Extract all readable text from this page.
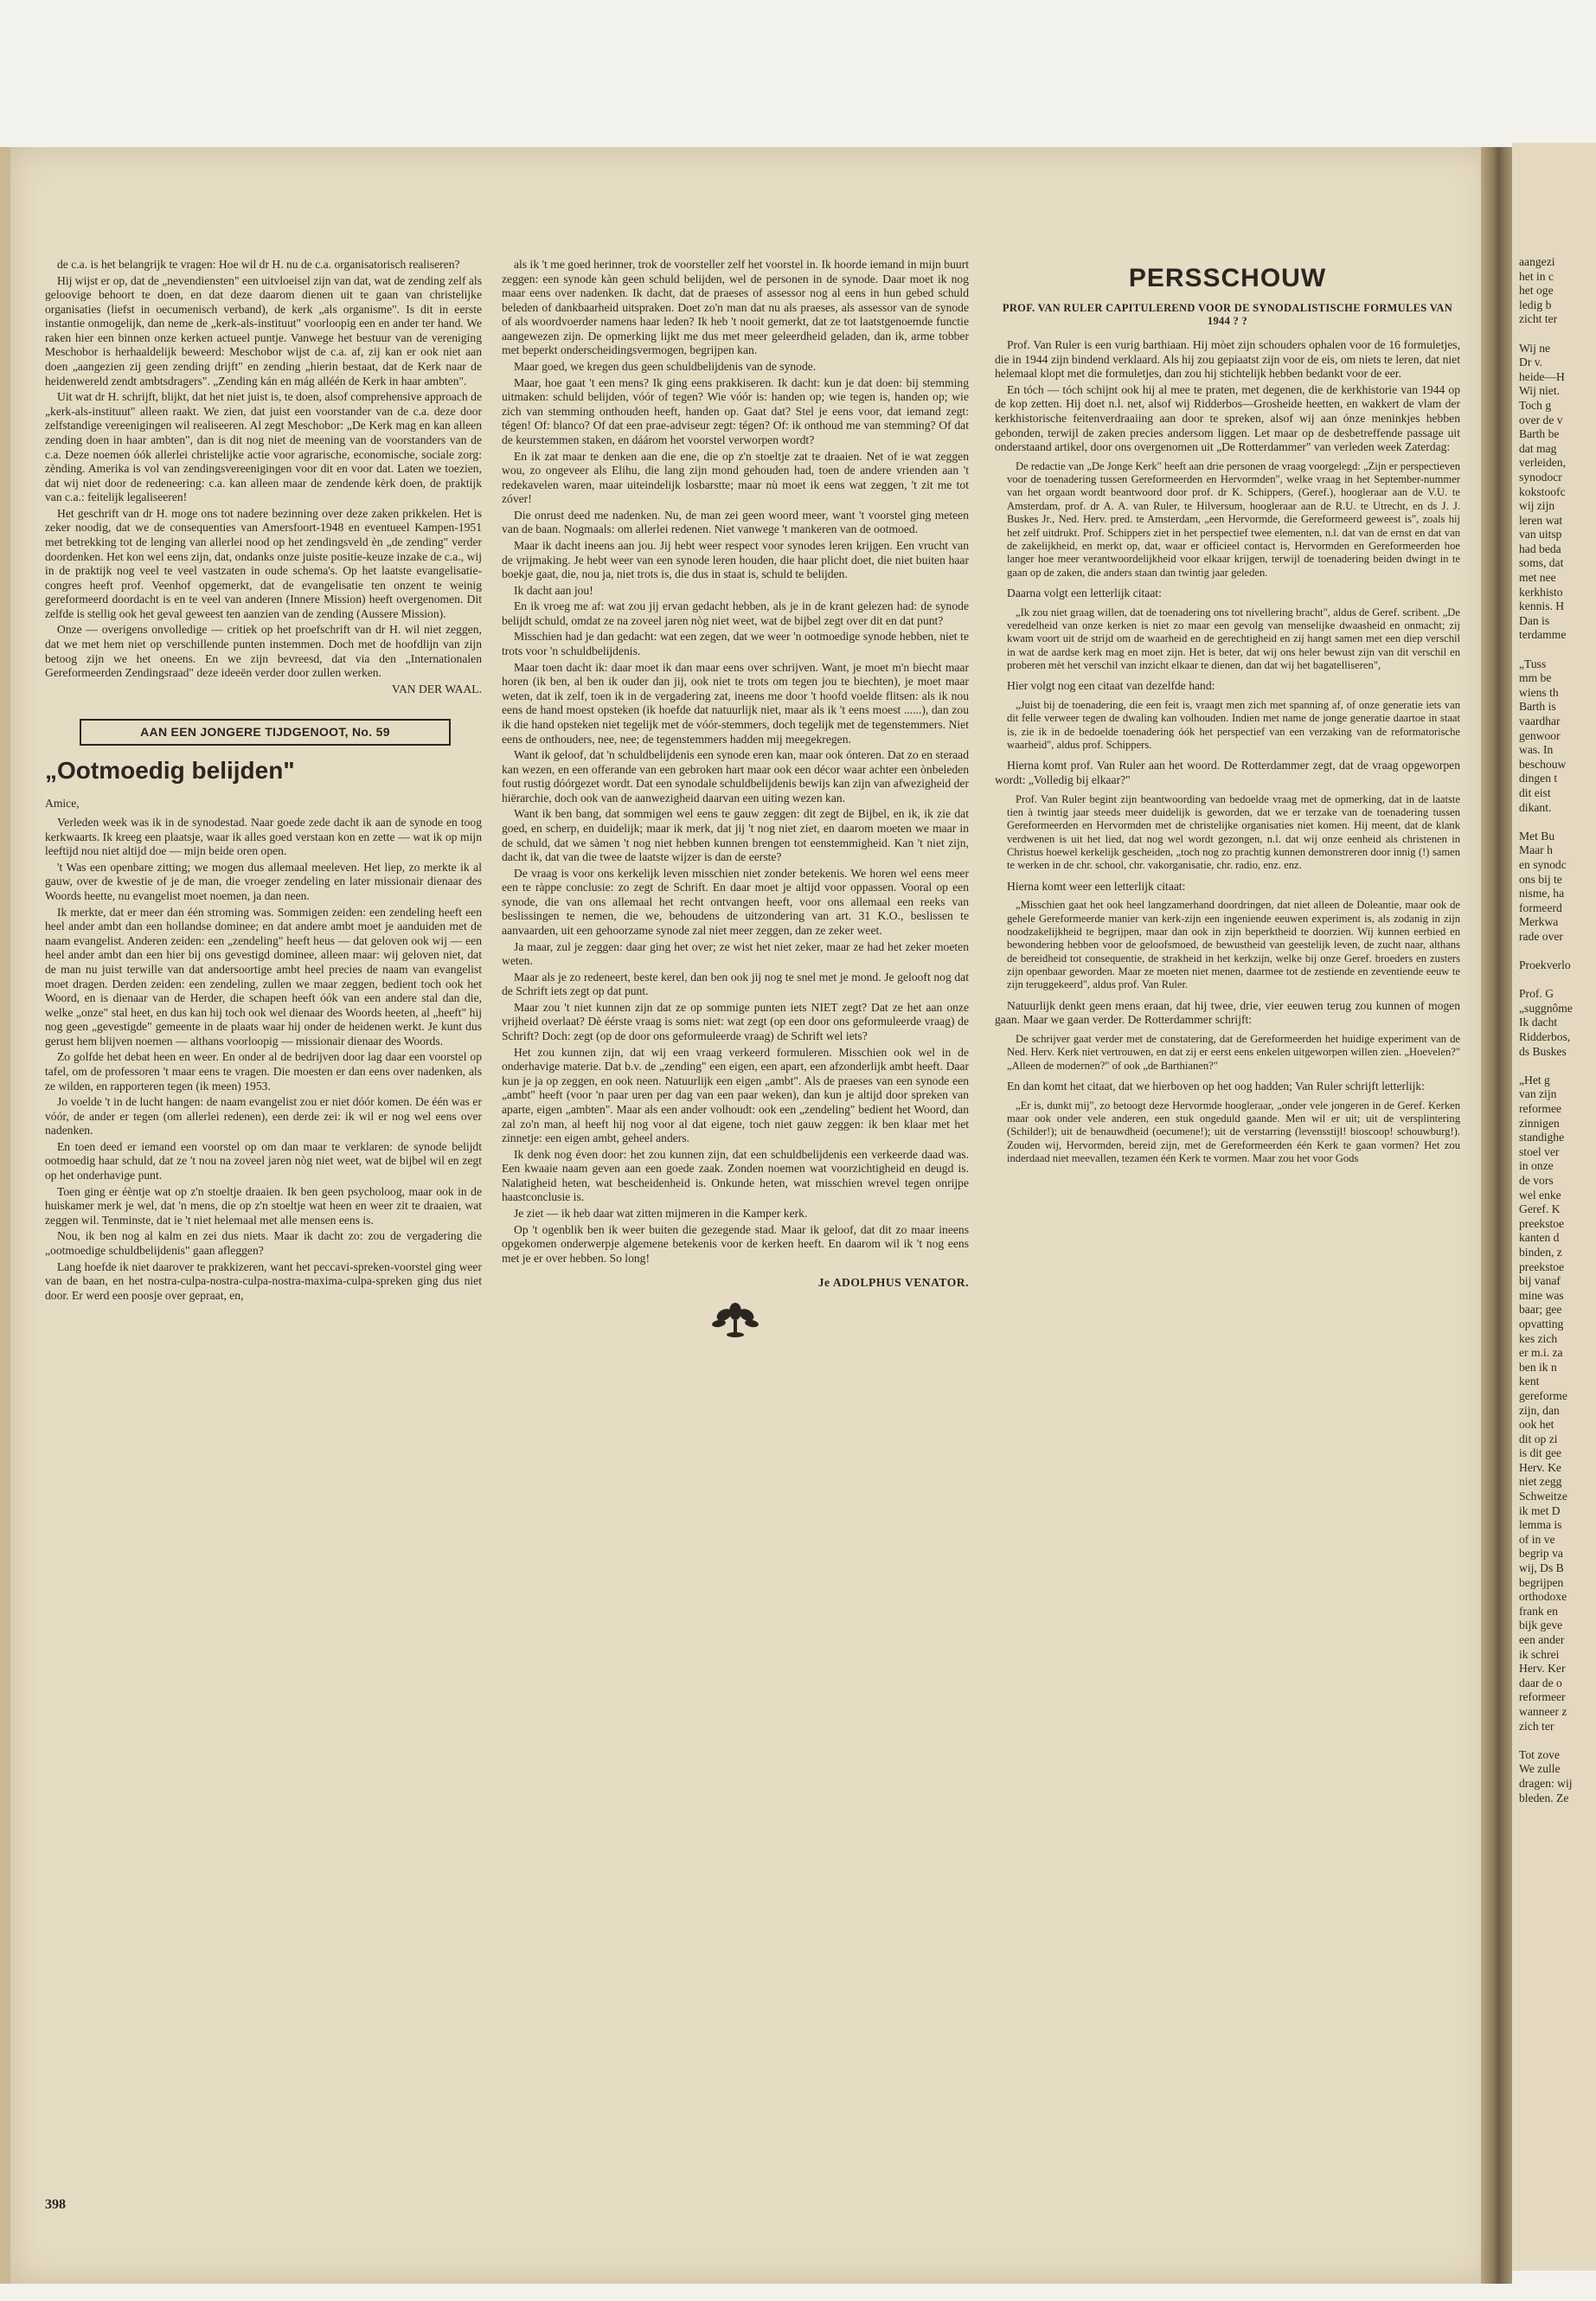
de c.a. is het belangrijk te vragen: Hoe wil dr H. nu de c.a. organisatorisch realiseren?

Hij wijst er op, dat de „nevendiensten" een uitvloeisel zijn van dat, wat de zending zelf als geloovige behoort te doen, en dat deze daarom dienen uit te gaan van christelijke organisaties (liefst in oecumenisch verband), de kerk „als organisme". Is dit in eerste instantie onmogelijk, dan neme de „kerk-als-instituut" voorloopig een en ander ter hand. We raken hier een binnen onze kerken actueel puntje. Vanwege het bestuur van de vereniging Meschobor is herhaaldelijk beweerd: Meschobor wijst de c.a. af, zij kan er ook niet aan doen „aangezien zij geen zending drijft" en zending „hierin bestaat, dat de Kerk naar de heidenwereld zendt ambtsdragers". „Zending kán en mág alléén de Kerk in haar ambten".

Uit wat dr H. schrijft, blijkt, dat het niet juist is, te doen, alsof comprehensive approach de „kerk-als-instituut" alleen raakt. We zien, dat juist een voorstander van de c.a. deze door zelfstandige vereenigingen wil realiseeren. Al zegt Meschobor: „De Kerk mag en kan alleen zending doen in haar ambten", dan is dit nog niet de meening van de voorstanders van de c.a. Deze noemen óók allerlei christelijke actie voor agrarische, economische, sociale zorg: zènding. Amerika is vol van zendingsvereenigingen voor dit en voor dat. Laten we toezien, dat wij niet door de redeneering: c.a. kan alleen maar de zendende kèrk doen, de praktijk van c.a.: feitelijk legaliseeren!

Het geschrift van dr H. moge ons tot nadere bezinning over deze zaken prikkelen. Het is zeker noodig, dat we de consequenties van Amersfoort-1948 en eventueel Kampen-1951 met betrekking tot de lenging van allerlei nood op het zendingsveld èn „de zending" verder doordenken. Het kon wel eens zijn, dat, ondanks onze juiste positie-keuze inzake de c.a., wij in de praktijk nog veel te veel vastzaten in oude schema's. Op het laatste evangelisatie-congres heeft prof. Veenhof opgemerkt, dat de evangelisatie ten onzent te weinig gereformeerd doordacht is en te veel van anderen (Innere Mission) heeft overgenomen. Dit zelfde is stellig ook het geval geweest ten aanzien van de zending (Aussere Mission).

Onze — overigens onvolledige — critiek op het proefschrift van dr H. wil niet zeggen, dat we met hem niet op verschillende punten instemmen. Doch met de hoofdlijn van zijn betoog zijn we het oneens. En we zijn bevreesd, dat via den „Internationalen Gereformeerden Zendingsraad" deze ideeën verder door zullen werken.

VAN DER WAAL.
AAN EEN JONGERE TIJDGENOOT, No. 59
„Ootmoedig belijden"
Amice,

Verleden week was ik in de synodestad. Naar goede zede dacht ik aan de synode en toog kerkwaarts. Ik kreeg een plaatsje, waar ik alles goed verstaan kon en zette — wat ik op mijn leeftijd nou niet altijd doe — mijn beide oren open.

't Was een openbare zitting; we mogen dus allemaal meeleven. Het liep, zo merkte ik al gauw, over de kwestie of je de man, die vroeger zendeling en later missionair dienaar des Woords heette, nu evangelist moet noemen, ja dan neen.

Ik merkte, dat er meer dan één stroming was. Sommigen zeiden: een zendeling heeft een heel ander ambt dan een hollandse dominee; en dat andere ambt moet je aanduiden met de naam evangelist. Anderen zeiden: een „zendeling" heeft heus — dat geloven ook wij — een heel ander ambt dan een hier bij ons gevestigd dominee, alleen maar: wij geloven niet, dat de man nu juist terwille van dat andersoortige ambt heel precies de naam van evangelist moet dragen. Derden zeiden: een zendeling, zullen we maar zeggen, bedient toch ook het Woord, en is dienaar van de Herder, die schapen heeft óók van een andere stal dan die, welke „onze" stal heet, en dus kan hij toch ook wel dienaar des Woords heeten, al „heeft" hij nog geen „gevestigde" gemeente in de plaats waar hij onder de heidenen werkt. Je kunt dus gerust hem blijven noemen — althans voorloopig — missionair dienaar des Woords.

Zo golfde het debat heen en weer. En onder al de bedrijven door lag daar een voorstel op tafel, om de professoren 't maar eens te vragen. Die moesten er dan eens over nadenken, als ze wilden, en rapporteren tegen (ik meen) 1953.

Jo voelde 't in de lucht hangen: de naam evangelist zou er niet dóór komen. De één was er vóór, de ander er tegen (om allerlei redenen), een derde zei: ik wil er nog wel eens over nadenken.

En toen deed er iemand een voorstel op om dan maar te verklaren: de synode belijdt ootmoedig haar schuld, dat ze 't nou na zoveel jaren nòg niet weet, wat de bijbel wil en zegt op het onderhavige punt.

Toen ging er éèntje wat op z'n stoeltje draaien. Ik ben geen psycholoog, maar ook in de huiskamer merk je wel, dat 'n mens, die op z'n stoeltje wat heen en weer zit te draaien, wat zeggen wil. Tenminste, dat ie 't niet helemaal met alle mensen eens is.

Nou, ik ben nog al kalm en zei dus niets. Maar ik dacht zo: zou de vergadering die „ootmoedige schuldbelijdenis" gaan afleggen?

Lang hoefde ik niet daarover te prakkizeren, want het peccavi-spreken-voorstel ging weer van de baan, en het nostra-culpa-nostra-culpa-nostra-maxima-culpa-spreken ging dus niet door. Er werd een poosje over gepraat, en,

als ik 't me goed herinner, trok de voorsteller zelf het voorstel in. Ik hoorde iemand in mijn buurt zeggen: een synode kàn geen schuld belijden, wel de personen in de synode. Daar moet ik nog maar eens over nadenken. Ik dacht, dat de praeses of assessor nog al eens in hun gebed schuld beleden of dankbaarheid uitspraken. Doet zo'n man dat nu als praeses, als assessor van de synode of als woordvoerder namens haar leden? Ik heb 't nooit gemerkt, dat ze tot laatstgenoemde functie aangewezen zijn. De opmerking lijkt me dus met meer geleerdheid geladen, dan ik, arme tobber met beperkt onderscheidingsvermogen, begrijpen kan.

Maar goed, we kregen dus geen schuldbelijdenis van de synode.

Maar, hoe gaat 't een mens? Ik ging eens prakkiseren. Ik dacht: kun je dat doen: bij stemming uitmaken: schuld belijden, vóór of tegen? Wie vóór is: handen op; wie tegen is, handen op; wie zich van stemming onthouden heeft, handen op. Gaat dat? Stel je eens voor, dat iemand zegt: tégen! Of: blanco? Of dat een prae-adviseur zegt: tégen? Of: ik onthoud me van stemming? Of dat de keurstemmen staken, en dáárom het voorstel verworpen wordt?

En ik zat maar te denken aan die ene, die op z'n stoeltje zat te draaien. Net of ie wat zeggen wou, zo ongeveer als Elihu, die lang zijn mond gehouden had, toen de andere vrienden aan 't redekavelen waren, maar uiteindelijk losbarstte; maar nù moet ik eens wat zeggen, 't zit me tot zóver!

Die onrust deed me nadenken. Nu, de man zei geen woord meer, want 't voorstel ging meteen van de baan. Nogmaals: om allerlei redenen. Niet vanwege 't mankeren van de ootmoed.

Maar ik dacht ineens aan jou. Jij hebt weer respect voor synodes leren krijgen. Een vrucht van de vrijmaking. Je hebt weer van een synode leren houden, die haar plicht doet, die niet buiten haar boekje gaat, die, nou ja, niet trots is, die dus in staat is, schuld te belijden.

Ik dacht aan jou!

En ik vroeg me af: wat zou jij ervan gedacht hebben, als je in de krant gelezen had: de synode belijdt schuld, omdat ze na zoveel jaren nòg niet weet, wat de bijbel zegt over dit en dat punt?

Misschien had je dan gedacht: wat een zegen, dat we weer 'n ootmoedige synode hebben, niet te trots voor 'n schuldbelijdenis.

Maar toen dacht ik: daar moet ik dan maar eens over schrijven. Want, je moet m'n biecht maar horen (ik ben, al ben ik ouder dan jij, ook niet te trots om tegen jou te biechten), je moet maar weten, dat ik zelf, toen ik in de vergadering zat, ineens me door 't hoofd voelde flitsen: als ik nou eens de hand moest opsteken (ik hoefde dat natuurlijk niet, maar als ik 't eens moest ......), dan zou ik die hand opsteken niet tegelijk met de vóór-stemmers, doch tegelijk met de tegenstemmers. Niet eens de onthouders, nee, nee; de tegenstemmers hadden mij meegekregen.

Want ik geloof, dat 'n schuldbelijdenis een synode eren kan, maar ook ónteren. Dat zo en steraad kan wezen, en een offerande van een gebroken hart maar ook een décor waar achter een ònbeleden fout rustig dóórgezet wordt. Dat een synodale schuldbelijdenis bewijs kan zijn van afwezigheid der hiërarchie, doch ook van de aanwezigheid daarvan een uiting wezen kan.

Want ik ben bang, dat sommigen wel eens te gauw zeggen: dit zegt de Bijbel, en ik, ik zie dat goed, en scherp, en duidelijk; maar ik merk, dat jij 't nog niet ziet, en daarom moeten we maar in de schuld, dat we sàmen 't nog niet hebben kunnen brengen tot eenstemmigheid. Kan 't niet zijn, dacht ik, dat van die twee de laatste wijzer is dan de eerste?

De vraag is voor ons kerkelijk leven misschien niet zonder betekenis. We horen wel eens meer een te ràppe conclusie: zo zegt de Schrift. En daar moet je altijd voor oppassen. Vooral op een synode, die van ons allemaal het recht ontvangen heeft, voor ons allemaal een reeks van beslissingen te nemen, die we, behoudens de uitzondering van art. 31 K.O., beslissen te aanvaarden, uit een gehoorzame synode zal niet meer zeggen, dan ze zeker weet.

Ja maar, zul je zeggen: daar ging het over; ze wist het niet zeker, maar ze had het zeker moeten weten.

Maar als je zo redeneert, beste kerel, dan ben ook jij nog te snel met je mond. Je gelooft nog dat de Schrift iets zegt op dat punt.

Maar zou 't niet kunnen zijn dat ze op sommige punten iets NIET zegt? Dat ze het aan onze vrijheid overlaat? Dè éérste vraag is soms niet: wat zegt (op een door ons geformuleerde vraag) de Schrift? Doch: zegt (op de door ons geformuleerde vraag) de Schrift wel iets?

Het zou kunnen zijn, dat wij een vraag verkeerd formuleren. Misschien ook wel in de onderhavige materie. Dat b.v. de „zending" een eigen, een apart, een afzonderlijk ambt heeft. Daar kun je ja op zeggen, en ook neen. Natuurlijk een eigen „ambt". Als de praeses van een synode een „ambt" heeft (voor 'n paar uren per dag van een paar weken), dan kun je altijd door spreken van aparte, eigen „ambten". Maar als een ander volhoudt: ook een „zendeling" bedient het Woord, dan zal zo'n man, al heeft hij nog voor al dat eigene, toch niet gauw zeggen: ik ben klaar met het zinnetje: een eigen ambt, geheel anders.

Ik denk nog éven door: het zou kunnen zijn, dat een schuldbelijdenis een verkeerde daad was. Een kwaaie naam geven aan een goede zaak. Zonden noemen wat voorzichtigheid en deugd is. Nalatigheid heten, wat bescheidenheid is. Onkunde heten, wat misschien wrevel tegen onrijpe haastconclusie is.

Je ziet — ik heb daar wat zitten mijmeren in die Kamper kerk.

Op 't ogenblik ben ik weer buiten die gezegende stad. Maar ik geloof, dat dit zo maar ineens opgekomen onderwerpje algemene betekenis voor de kerken heeft. En daarom wil ik 't nog eens met je er over hebben. So long!

Je ADOLPHUS VENATOR.
PERSSCHOUW
PROF. VAN RULER CAPITULEREND VOOR DE SYNODALISTISCHE FORMULES VAN 1944 ? ?

Prof. Van Ruler is een vurig barthiaan. Hij mòet zijn schouders ophalen voor de 16 formuletjes, die in 1944 zijn bindend verklaard. Als hij zou gepiaatst zijn voor de eis, om niets te leren, dat niet helemaal klopt met die formuletjes, dan zou hij stichtelijk hebben bedankt voor de eer.

En tóch — tóch schijnt ook hij al mee te praten, met degenen, die de kerkhistorie van 1944 op de kop zetten. Hij doet n.l. net, alsof wij Ridderbos—Grosheide heetten, en wakkert de vlam der kerkhistorische feitenverdraaiing aan door te spreken, alsof wij aan ónze meninkjes hebben gebonden, terwijl de zaken precies andersom liggen. Let maar op de desbetreffende passage uit onderstaand artikel, door ons overgenomen uit „De Rotterdammer" van verleden week Zaterdag:

De redactie van „De Jonge Kerk" heeft aan drie personen de vraag voorgelegd: „Zijn er perspectieven voor de toenadering tussen Gereformeerden en Hervormden", welke vraag in het September-nummer van het orgaan wordt beantwoord door prof. dr K. Schippers, (Geref.), hoogleraar aan de V.U. te Amsterdam, prof. dr A. A. van Ruler, te Hilversum, hoogleraar aan de R.U. te Utrecht, en ds J. J. Buskes Jr., Ned. Herv. pred. te Amsterdam, „een Hervormde, die Gereformeerd geweest is", zoals hij het zelf uitdrukt. Prof. Schippers ziet in het perspectief twee elementen, n.l. dat van de ernst en dat van de zakelijkheid, en merkt op, dat, waar er officieel contact is, Hervormden en Gereformeerden hoe langer hoe meer verantwoordelijkheid voor elkaar krijgen, terwijl de toenadering beiden dwingt in te gaan op de zaken, die anders staan dan twintig jaar geleden.

Daarna volgt een letterlijk citaat:

„Ik zou niet graag willen, dat de toenadering ons tot nivellering bracht", aldus de Geref. scribent. „De veredelheid van onze kerken is niet zo maar een gevolg van menselijke dwaasheid en onmacht; zij kwam voort uit de strijd om de waarheid en de gerechtigheid en zij hangt samen met een diep verschil in wat de aardse kerk mag en moet zijn. Het is beter, dat wij ons heler bewust zijn van dit verschil en proberen mèt het verschil van inzicht elkaar te dienen, dan dat wij het bagatelliseren",

Hier volgt nog een citaat van dezelfde hand:

„Juist bij de toenadering, die een feit is, vraagt men zich met spanning af, of onze generatie iets van dit felle verweer tegen de dwaling kan volhouden. Indien met name de jonge generatie daartoe in staat is, zie ik in de bedoelde toenadering óók het perspectief van een verzaking van de reformatorische waarheid", aldus prof. Schippers.

Hierna komt prof. Van Ruler aan het woord. De Rotterdammer zegt, dat de vraag opgeworpen wordt: „Volledig bij elkaar?"

Prof. Van Ruler begint zijn beantwoording van bedoelde vraag met de opmerking, dat in de laatste tien à twintig jaar steeds meer duidelijk is geworden, dat we er terzake van de toenadering tussen Gereformeerden en Hervormden met de christelijke organisaties niet komen. Hij meent, dat de klank verdwenen is uit het lied, dat nog wel wordt gezongen, n.l. dat wij onze eenheid als christenen in Christus hoewel kerkelijk gescheiden, „toch nog zo prachtig kunnen demonstreren door innig (!) samen te werken in de chr. school, chr. vakorganisatie, chr. radio, enz. enz.

Hierna komt weer een letterlijk citaat:

„Misschien gaat het ook heel langzamerhand doordringen, dat niet alleen de Doleantie, maar ook de gehele Gereformeerde manier van kerk-zijn een ingeniende eeuwen experiment is, als zodanig in zijn noodzakelijkheid te begrijpen, maar dan ook in zijn beperktheid te doorzien. Wij kunnen eerbied en bewondering hebben voor de geloofsmoed, de bewustheid van geestelijk leven, de zucht naar, althans de bereidheid tot consequentie, de strakheid in het kerkzijn, welke bij onze Geref. broeders en zusters zijn openbaar geworden. Maar ze moeten niet menen, daarmee tot de zestiende en zeventiende eeuw te zijn teruggekeerd", aldus prof. Van Ruler.

Natuurlijk denkt geen mens eraan, dat hij twee, drie, vier eeuwen terug zou kunnen of mogen gaan. Maar we gaan verder. De Rotterdammer schrijft:

De schrijver gaat verder met de constatering, dat de Gereformeerden het huidige experiment van de Ned. Herv. Kerk niet vertrouwen, en dat zij er eerst eens enkelen uitgeworpen willen zien. „Hoevelen?" „Alleen de modernen?" of ook „de Barthianen?"

En dan komt het citaat, dat we hierboven op het oog hadden; Van Ruler schrijft letterlijk:

„Er is, dunkt mij", zo betoogt deze Hervormde hoogleraar, „onder vele jongeren in de Geref. Kerken maar ook onder vele anderen, een stuk ongeduld gaande. Men wil er uit; uit de versplintering (Schilder!); uit de benauwdheid (oecumene!); uit de verstarring (levensstijl! bioscoop! schouwburg!). Zouden wij, Hervormden, bereid zijn, met de Gereformeerden één Kerk te gaan vormen? Het zou inderdaad niet meevallen, tezamen één Kerk te vormen. Maar zou het voor Gods

398
aangezi
het in c
het oge
ledig b
zicht ter
Wij ne
Dr v.
heide—H
Wij niet.
Toch g
over de v
Barth be
dat mag
verleiden,
synodocr
kokstoofc
wij zijn
leren wat
van uitsp
had beda
soms, dat
met nee
kerkhisto
kennis. H
Dan is
terdamme
„Tuss
mm be
wiens th
Barth is
vaardhar
genwoor
was. In
beschouw
dingen t
dit eist
dikant.
Met Bu
Maar h
en synodc
ons bij te
nisme, ha
formeerd
Merkwa
rade over
Proekverlo
Prof. G
„suggnôme
Ik dacht
Ridderbos,
ds Buskes
„Het g
van zijn
reformee
zinnigen
standighe
stoel ver
in onze
de vors
wel enke
Geref. K
preekstoe
kanten d
binden, z
preekstoe
bij vanaf
mine was
baar; gee
opvatting
kes zich
er m.i. za
ben ik n
kent
gereforme
zijn, dan
ook het
dit op zi
is dit gee
Herv. Ke
niet zegg
Schweitze
ik met D
lemma is
of in ve
begrip va
wij, Ds B
begrijpen
orthodoxe
frank en
bijk geve
een ander
ik schrei
Herv. Ker
daar de o
reformeer
wanneer z
zich ter
Tot zove
We zulle
dragen: wij
bleden. Ze
